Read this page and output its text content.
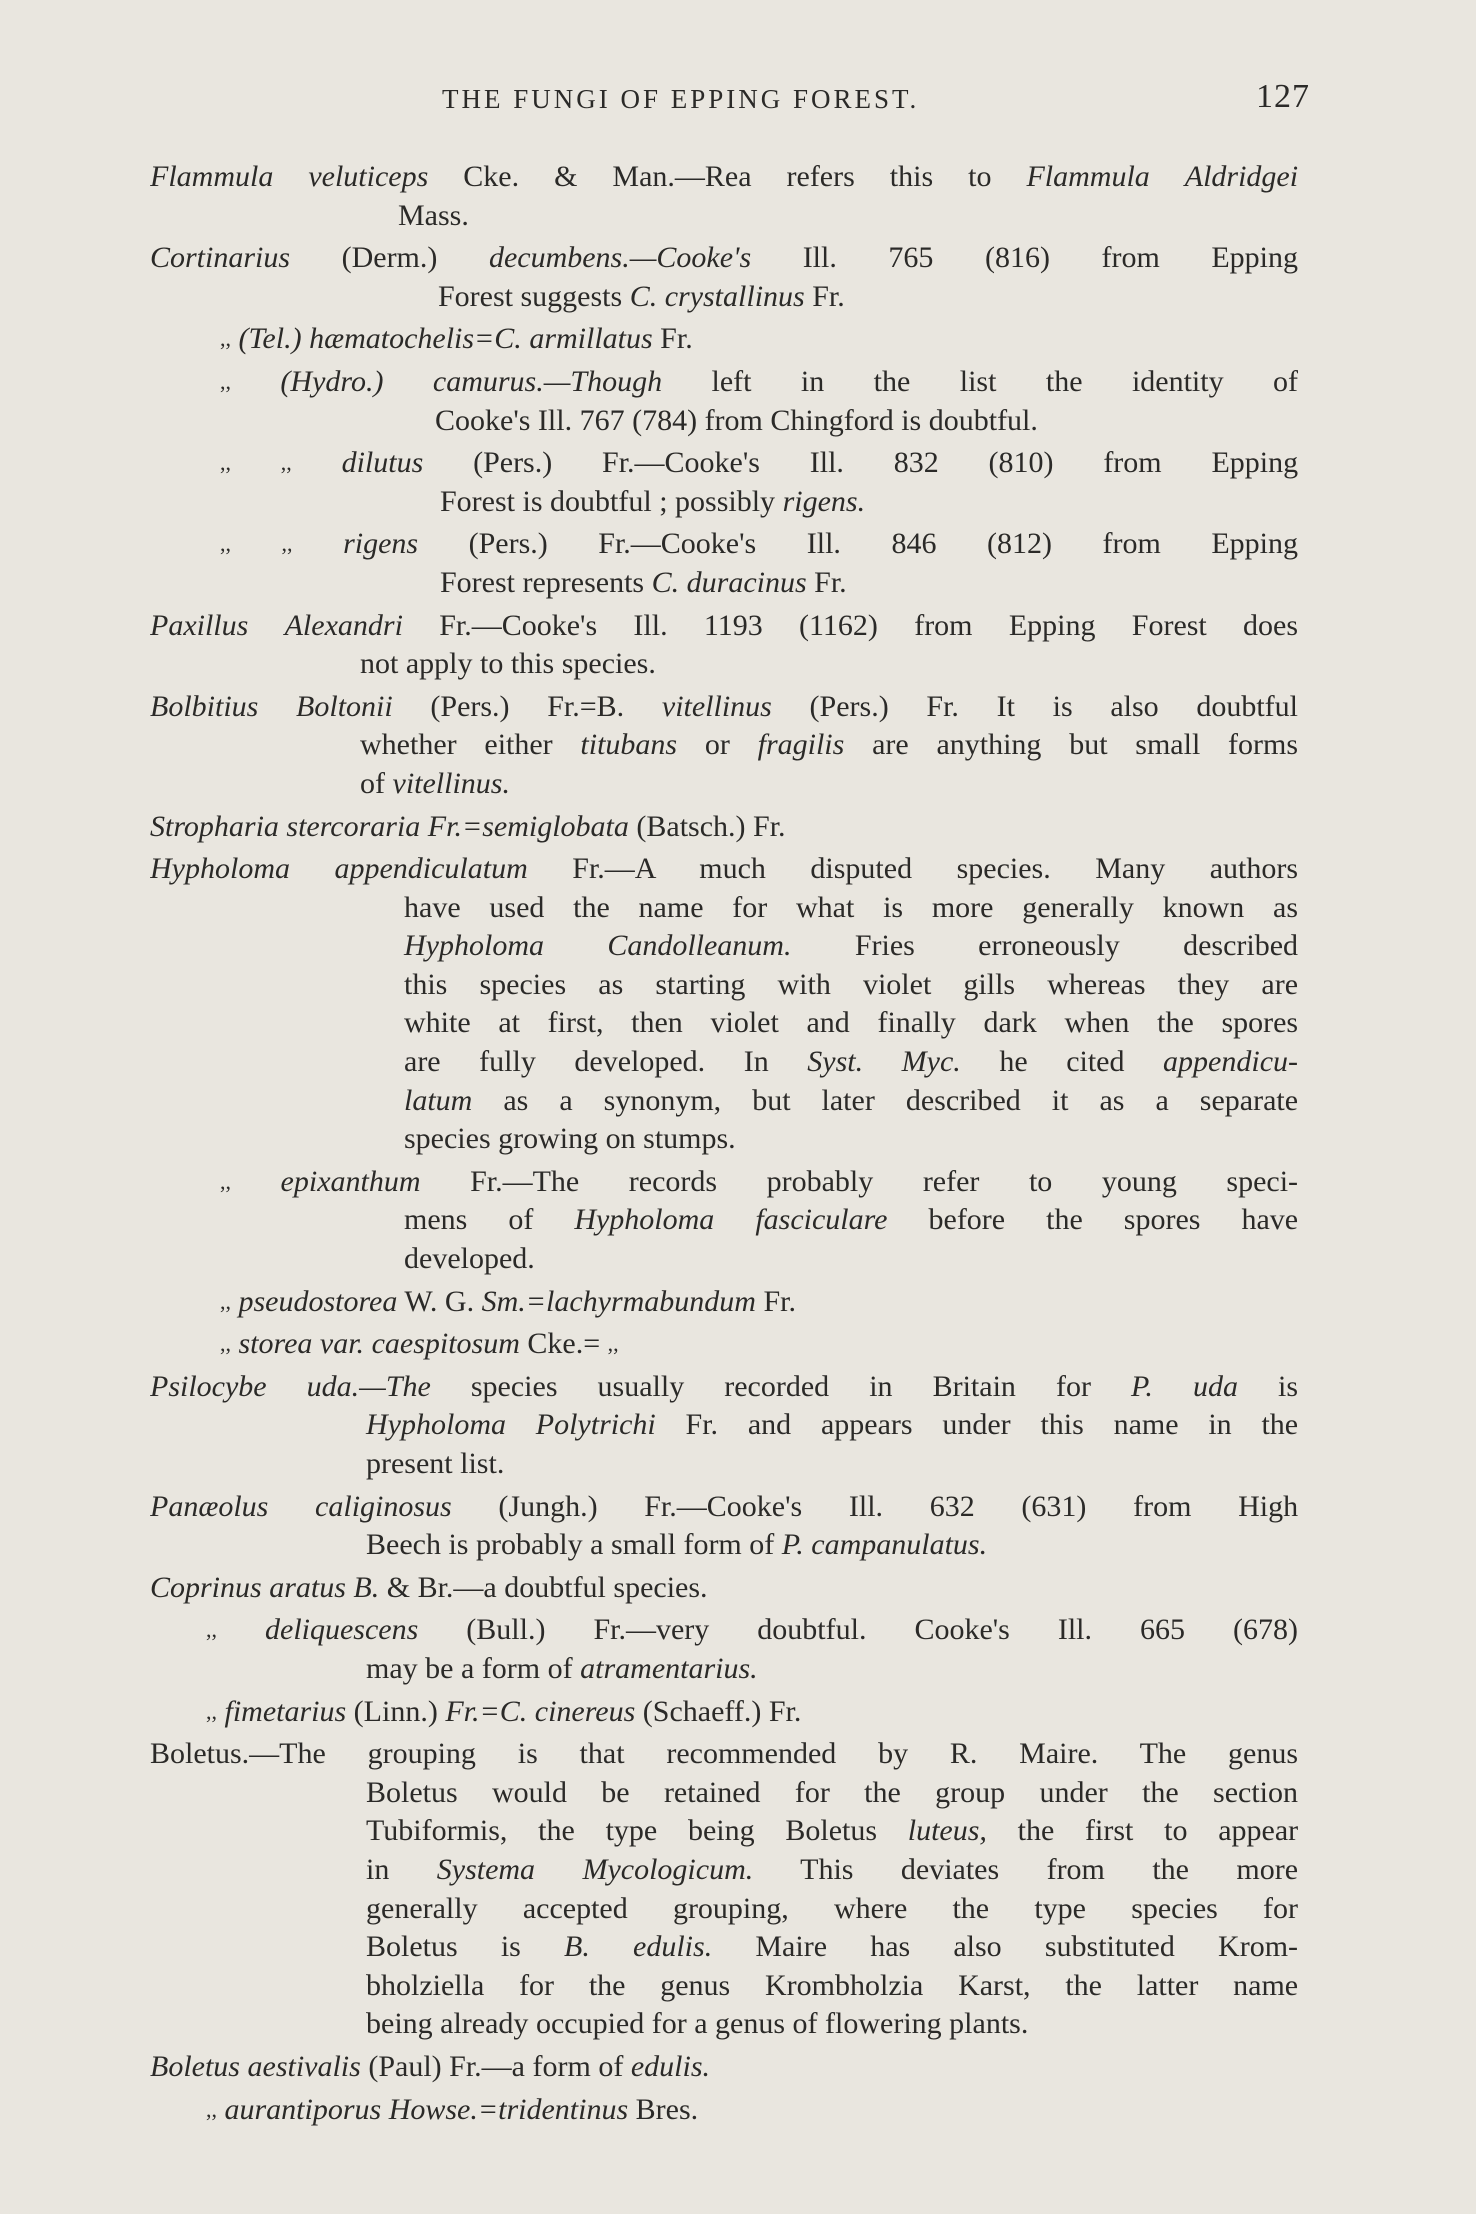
THE FUNGI OF EPPING FOREST.	127
Flammula veluticeps Cke. & Man.—Rea refers this to Flammula Aldridgei
Mass.
Cortinarius (Derm.) decumbens.—Cooke's Ill. 765 (816) from Epping
Forest suggests C. crystallinus Fr.
,, (Tel.) hæmatochelis=C. armillatus Fr.
,, (Hydro.) camurus.—Though left in the list the identity of
Cooke's Ill. 767 (784) from Chingford is doubtful.
,, ,, dilutus (Pers.) Fr.—Cooke's Ill. 832 (810) from Epping
Forest is doubtful ; possibly rigens.
,, ,, rigens (Pers.) Fr.—Cooke's Ill. 846 (812) from Epping
Forest represents C. duracinus Fr.
Paxillus Alexandri Fr.—Cooke's Ill. 1193 (1162) from Epping Forest does
not apply to this species.
Bolbitius Boltonii (Pers.) Fr.=B. vitellinus (Pers.) Fr. It is also doubtful
whether either titubans or fragilis are anything but small forms
of vitellinus.
Stropharia stercoraria Fr.=semiglobata (Batsch.) Fr.
Hypholoma appendiculatum Fr.—A much disputed species. Many authors
have used the name for what is more generally known as
Hypholoma Candolleanum. Fries erroneously described
this species as starting with violet gills whereas they are
white at first, then violet and finally dark when the spores
are fully developed. In Syst. Myc. he cited appendicu-
latum as a synonym, but later described it as a separate
species growing on stumps.
,, epixanthum Fr.—The records probably refer to young speci-
mens of Hypholoma fasciculare before the spores have
developed.
,, pseudostorea W. G. Sm.=lachyrmabundum Fr.
,, storea var. caespitosum Cke.= ,,
Psilocybe uda.—The species usually recorded in Britain for P. uda is
Hypholoma Polytrichi Fr. and appears under this name in the
present list.
Panæolus caliginosus (Jungh.) Fr.—Cooke's Ill. 632 (631) from High
Beech is probably a small form of P. campanulatus.
Coprinus aratus B. & Br.—a doubtful species.
,, deliquescens (Bull.) Fr.—very doubtful. Cooke's Ill. 665 (678)
may be a form of atramentarius.
,, fimetarius (Linn.) Fr.=C. cinereus (Schaeff.) Fr.
Boletus.—The grouping is that recommended by R. Maire. The genus
Boletus would be retained for the group under the section
Tubiformis, the type being Boletus luteus, the first to appear
in Systema Mycologicum. This deviates from the more
generally accepted grouping, where the type species for
Boletus is B. edulis. Maire has also substituted Krom-
bholziella for the genus Krombholzia Karst, the latter name
being already occupied for a genus of flowering plants.
Boletus aestivalis (Paul) Fr.—a form of edulis.
,, aurantiporus Howse.=tridentinus Bres.
